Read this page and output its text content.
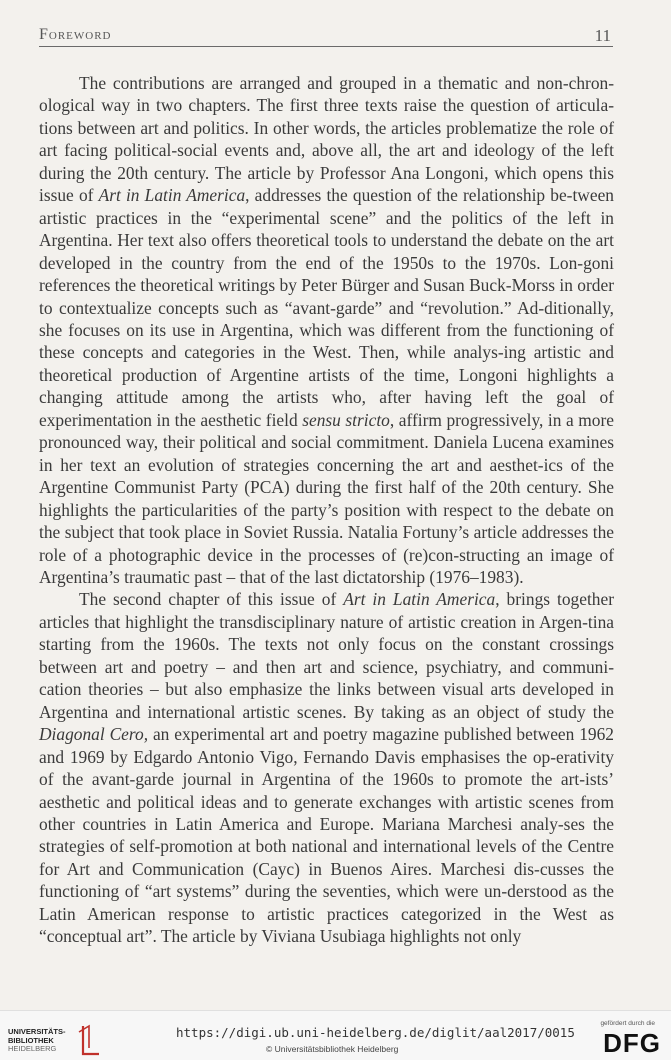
Foreword	11

The contributions are arranged and grouped in a thematic and non-chron-ological way in two chapters. The first three texts raise the question of articula-tions between art and politics. In other words, the articles problematize the role of art facing political-social events and, above all, the art and ideology of the left during the 20th century. The article by Professor Ana Longoni, which opens this issue of Art in Latin America, addresses the question of the relationship be-tween artistic practices in the “experimental scene” and the politics of the left in Argentina. Her text also offers theoretical tools to understand the debate on the art developed in the country from the end of the 1950s to the 1970s. Lon-goni references the theoretical writings by Peter Bürger and Susan Buck-Morss in order to contextualize concepts such as “avant-garde” and “revolution.” Ad-ditionally, she focuses on its use in Argentina, which was different from the functioning of these concepts and categories in the West. Then, while analys-ing artistic and theoretical production of Argentine artists of the time, Longoni highlights a changing attitude among the artists who, after having left the goal of experimentation in the aesthetic field sensu stricto, affirm progressively, in a more pronounced way, their political and social commitment. Daniela Lucena examines in her text an evolution of strategies concerning the art and aesthet-ics of the Argentine Communist Party (PCA) during the first half of the 20th century. She highlights the particularities of the party’s position with respect to the debate on the subject that took place in Soviet Russia. Natalia Fortuny’s article addresses the role of a photographic device in the processes of (re)con-structing an image of Argentina’s traumatic past – that of the last dictatorship (1976–1983).

The second chapter of this issue of Art in Latin America, brings together articles that highlight the transdisciplinary nature of artistic creation in Argen-tina starting from the 1960s. The texts not only focus on the constant crossings between art and poetry – and then art and science, psychiatry, and communi-cation theories – but also emphasize the links between visual arts developed in Argentina and international artistic scenes. By taking as an object of study the Diagonal Cero, an experimental art and poetry magazine published between 1962 and 1969 by Edgardo Antonio Vigo, Fernando Davis emphasises the op-erativity of the avant-garde journal in Argentina of the 1960s to promote the art-ists’ aesthetic and political ideas and to generate exchanges with artistic scenes from other countries in Latin America and Europe. Mariana Marchesi analy-ses the strategies of self-promotion at both national and international levels of the Centre for Art and Communication (Cayc) in Buenos Aires. Marchesi dis-cusses the functioning of “art systems” during the seventies, which were un-derstood as the Latin American response to artistic practices categorized in the West as “conceptual art”. The article by Viviana Usubiaga highlights not only

UNIVERSITÄTS-
BIBLIOTHEK
HEIDELBERG
https://digi.ub.uni-heidelberg.de/diglit/aal2017/0015
© Universitätsbibliothek Heidelberg
gefördert durch die
DFG
